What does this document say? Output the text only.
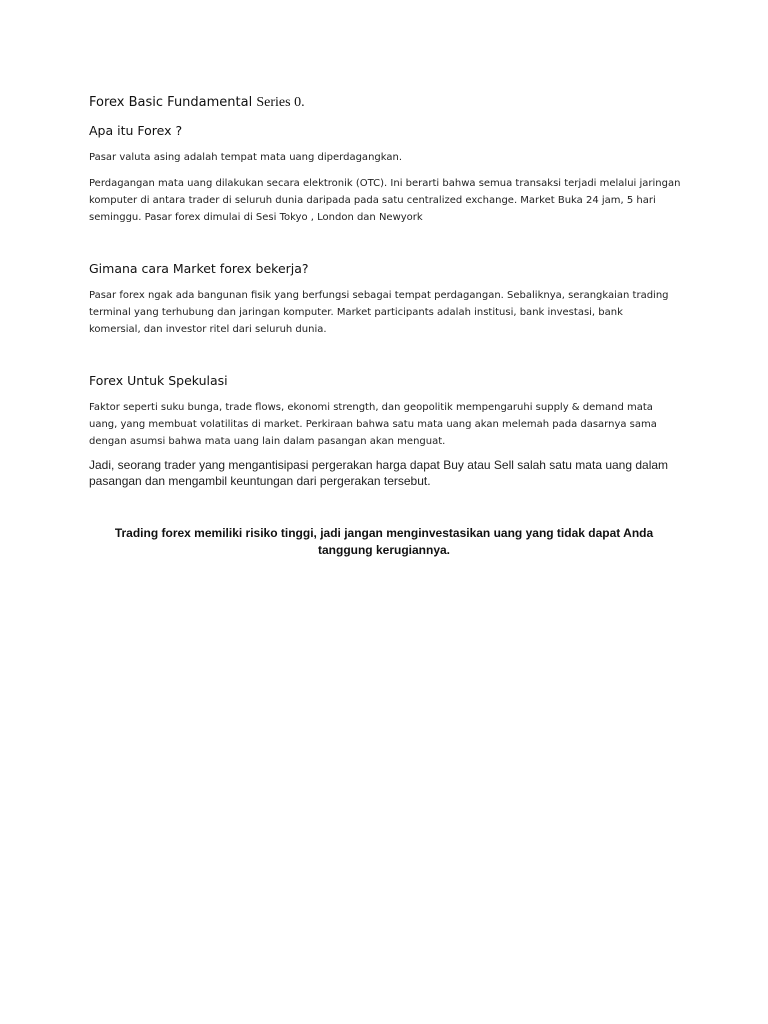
Forex Basic Fundamental Series 0.

Apa itu Forex ?

Pasar valuta asing adalah tempat mata uang diperdagangkan.

Perdagangan mata uang dilakukan secara elektronik (OTC). Ini berarti bahwa semua transaksi terjadi melalui jaringan komputer di antara trader di seluruh dunia daripada pada satu centralized exchange. Market Buka 24 jam, 5 hari seminggu. Pasar forex dimulai di Sesi Tokyo , London dan Newyork

Gimana cara Market forex bekerja?

Pasar forex ngak ada bangunan fisik yang berfungsi sebagai tempat perdagangan. Sebaliknya, serangkaian trading terminal yang terhubung dan jaringan komputer. Market participants adalah institusi, bank investasi, bank komersial, dan investor ritel dari seluruh dunia.

Forex Untuk Spekulasi

Faktor seperti suku bunga, trade flows, ekonomi strength, dan geopolitik mempengaruhi supply & demand mata uang, yang membuat volatilitas di market. Perkiraan bahwa satu mata uang akan melemah pada dasarnya sama dengan asumsi bahwa mata uang lain dalam pasangan akan menguat.

Jadi, seorang trader yang mengantisipasi pergerakan harga dapat Buy atau Sell salah satu mata uang dalam pasangan dan mengambil keuntungan dari pergerakan tersebut.

Trading forex memiliki risiko tinggi, jadi jangan menginvestasikan uang yang tidak dapat Anda tanggung kerugiannya.
